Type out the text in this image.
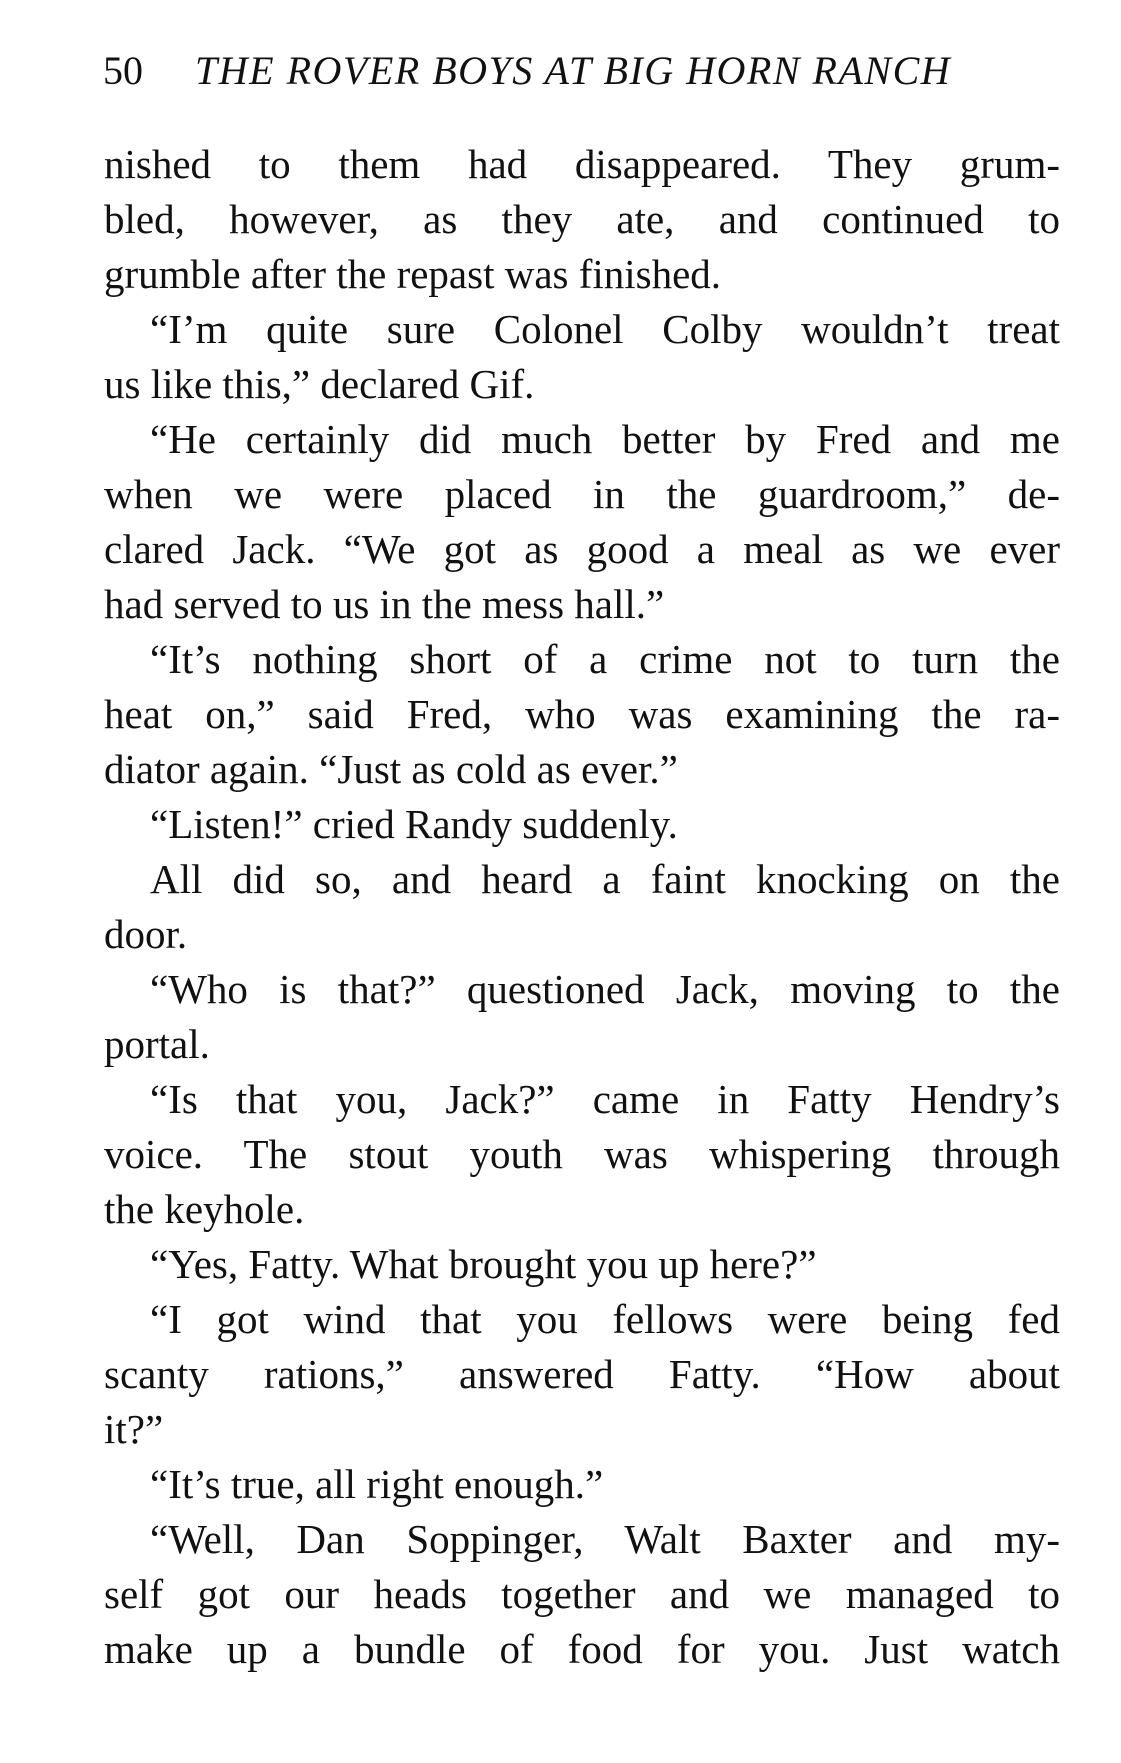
50 THE ROVER BOYS AT BIG HORN RANCH
nished to them had disappeared. They grum-
bled, however, as they ate, and continued to
grumble after the repast was finished.
“I’m quite sure Colonel Colby wouldn’t treat
us like this,” declared Gif.
“He certainly did much better by Fred and me
when we were placed in the guardroom,” de-
clared Jack. “We got as good a meal as we ever
had served to us in the mess hall.”
“It’s nothing short of a crime not to turn the
heat on,” said Fred, who was examining the ra-
diator again. “Just as cold as ever.”
“Listen!” cried Randy suddenly.
All did so, and heard a faint knocking on the
door.
“Who is that?” questioned Jack, moving to the
portal.
“Is that you, Jack?” came in Fatty Hendry’s
voice. The stout youth was whispering through
the keyhole.
“Yes, Fatty. What brought you up here?”
“I got wind that you fellows were being fed
scanty rations,” answered Fatty. “How about
it?”
“It’s true, all right enough.”
“Well, Dan Soppinger, Walt Baxter and my-
self got our heads together and we managed to
make up a bundle of food for you. Just watch
